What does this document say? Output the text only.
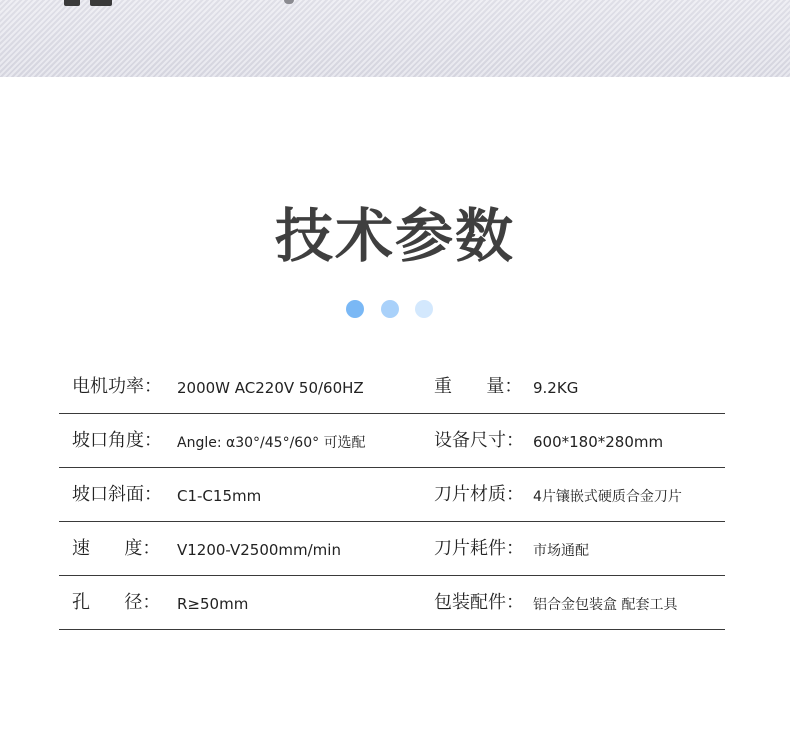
技术参数
电机功率： 2000W AC220V 50/60HZ	重      量： 9.2KG
坡口角度： Angle: α30°/45°/60° 可选配	设备尺寸： 600*180*280mm
坡口斜面： C1-C15mm	刀片材质： 4片镶嵌式硬质合金刀片
速      度： V1200-V2500mm/min	刀片耗件： 市场通配
孔      径： R≥50mm	包装配件： 铝合金包装盒 配套工具
